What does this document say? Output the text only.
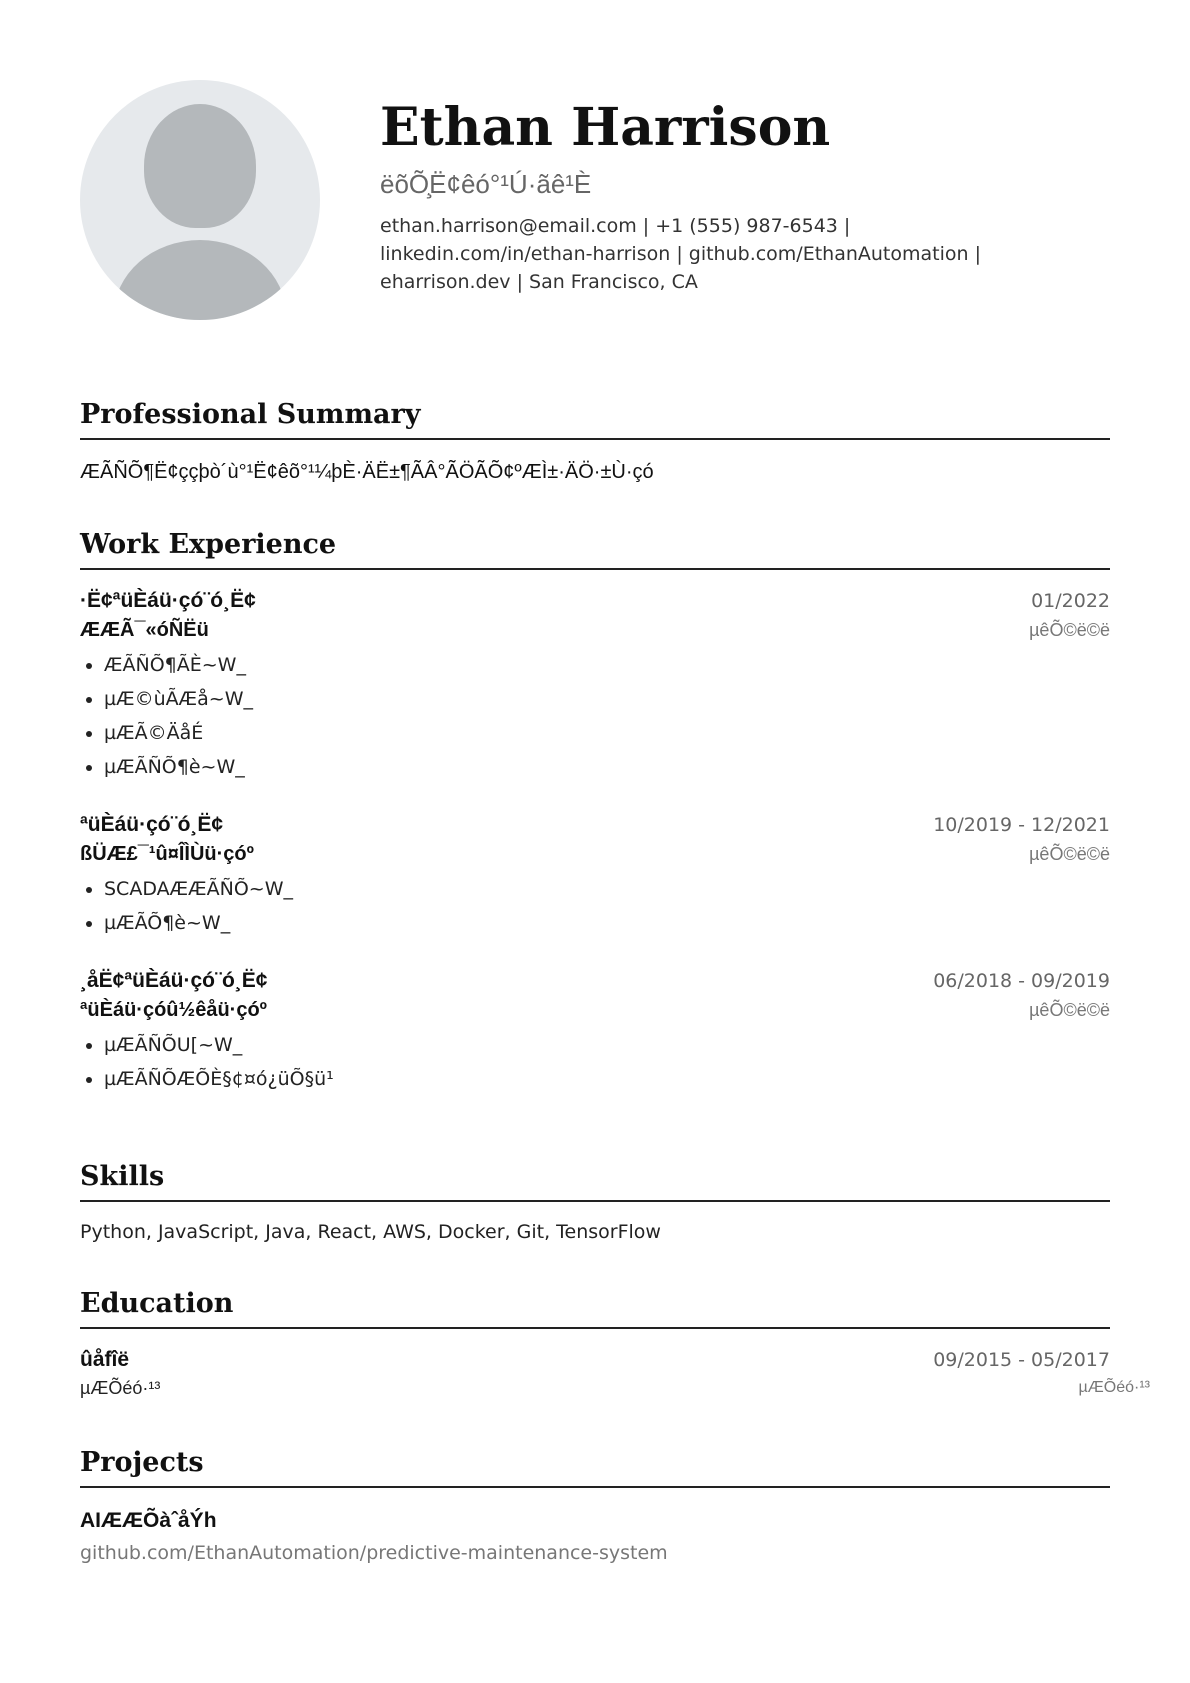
Ethan Harrison
ëõÕ̧Ë¢êó°¹Ú·ãê¹È
ethan.harrison@email.com | +1 (555) 987-6543 | linkedin.com/in/ethan-harrison | github.com/EthanAutomation | eharrison.dev | San Francisco, CA
Professional Summary
ÆÃÑÕ¶Ë¢ççþò´ù°¹Ë¢êõ°¹¼þÈ·ÄË±¶ÃÂ°ÃÖÃÕ¢ºÆÌ±·ÄÖ·±Ù·çó
Work Experience
·Ë¢ªüÈáü·çó¨ó¸Ë¢	01/2022
ÆÆÃ¯«óÑËü	µêÕ©ë©ë
• ÆÃÑÕ¶ÃÈ~W_
• µÆ©ùÃÆå~W_
• µÆÃ©ÄåÉ
• µÆÃÑÕ¶è~W_
ªüÈáü·çó¨ó¸Ë¢	10/2019 - 12/2021
ßÜÆ£¯¹û¤ÎÌÙü·çóº	µêÕ©ë©ë
• SCADAÆÆÃÑÕ~W_
• µÆÃÕ¶è~W_
¸åË¢ªüÈáü·çó¨ó¸Ë¢	06/2018 - 09/2019
ªüÈáü·çóû½êåü·çóº	µêÕ©ë©ë
• µÆÃÑÕU[~W_
• µÆÃÑÕÆÕÈ§¢¤ó¿üÕ§ü¹
Skills
Python, JavaScript, Java, React, AWS, Docker, Git, TensorFlow
Education
ûåfîë	09/2015 - 05/2017
µÆÕéó·¹³	µÆÕéó·¹³
Projects
AIÆÆÕàˆåÝh
github.com/EthanAutomation/predictive-maintenance-system
